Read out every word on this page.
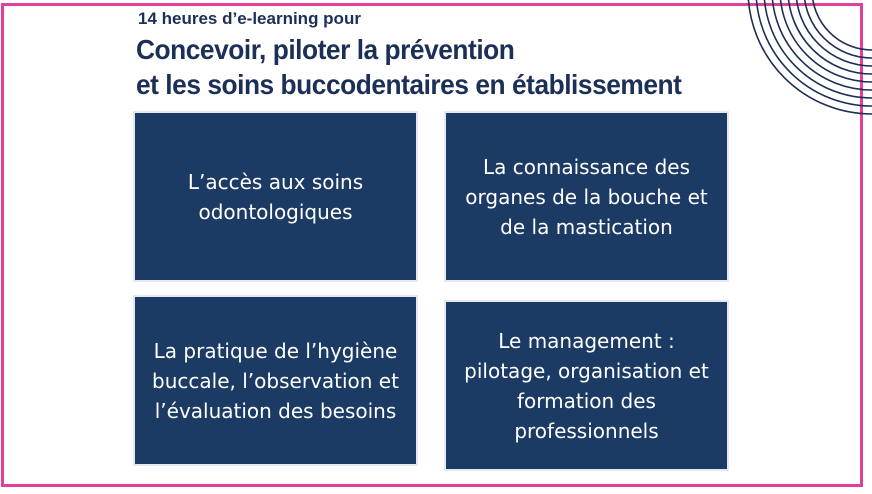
14 heures d’e-learning pour
Concevoir, piloter la prévention
et les soins buccodentaires en établissement
L’accès aux soins odontologiques
La connaissance des organes de la bouche et de la mastication
La pratique de l’hygiène buccale, l’observation et l’évaluation des besoins
Le management : pilotage, organisation et formation des professionnels
